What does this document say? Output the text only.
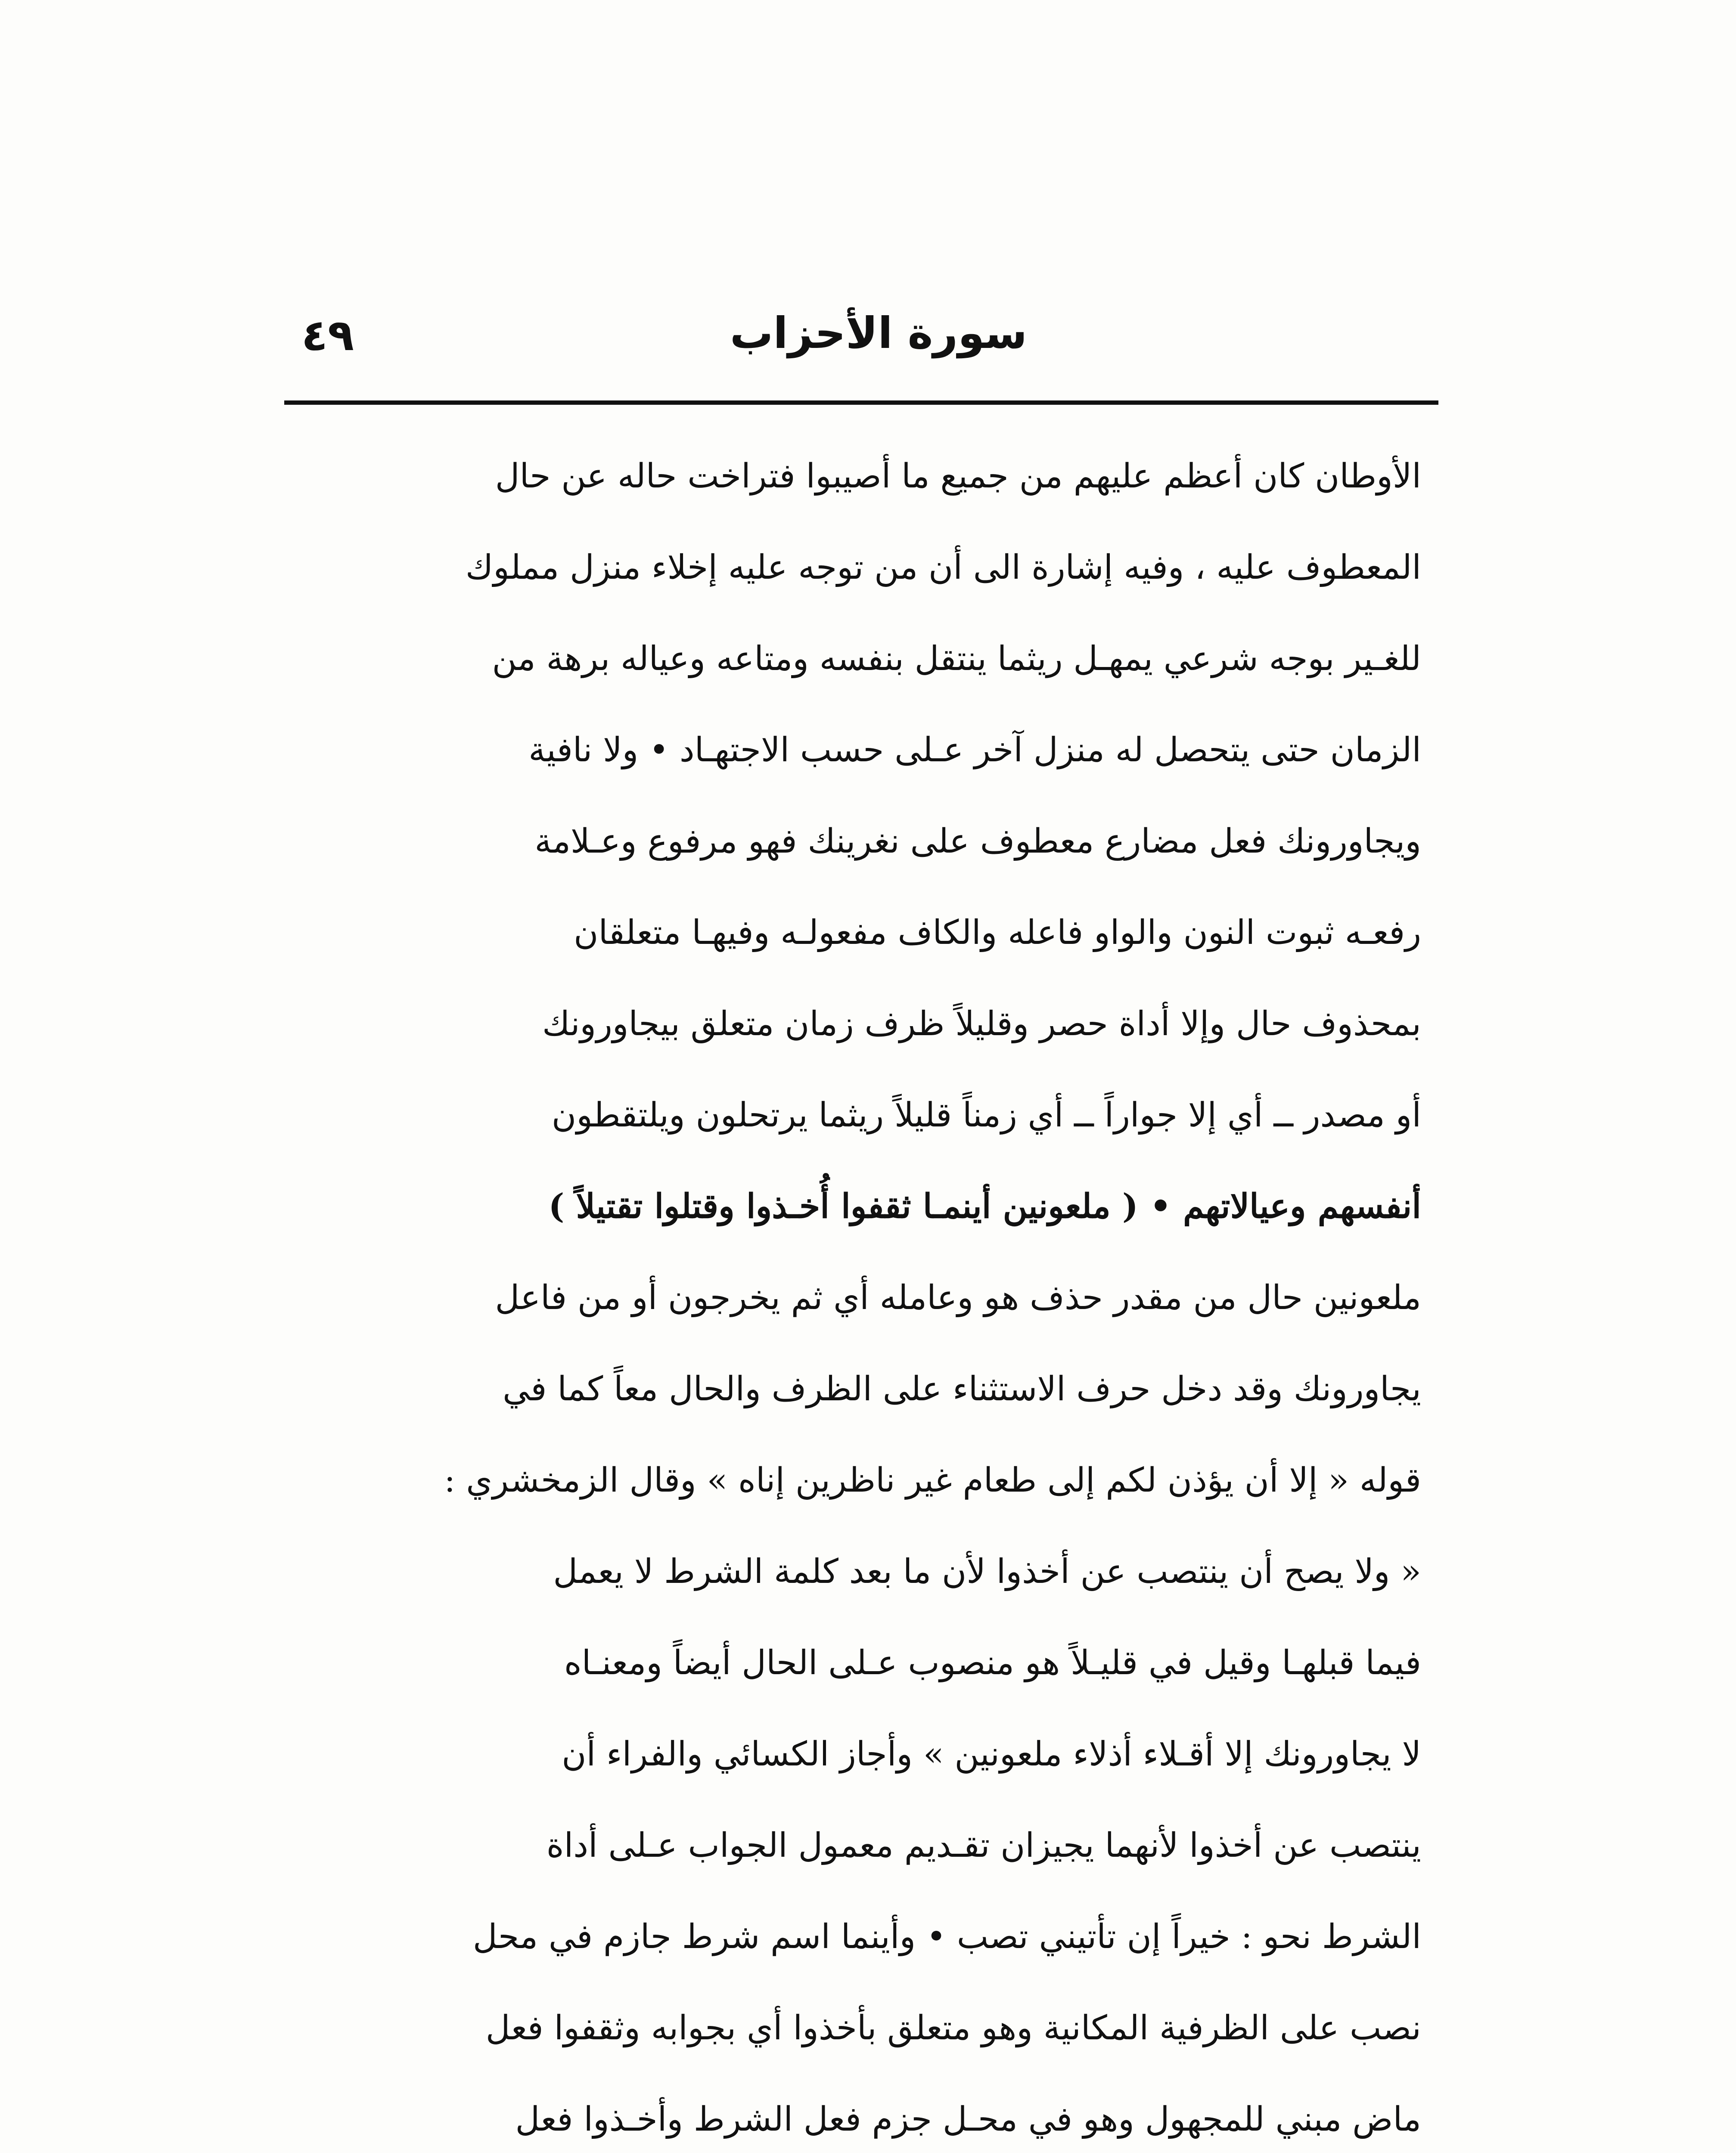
٤٩	سورة الأحزاب
الأوطان كان أعظم عليهم من جميع ما أصيبوا فتراخت حاله عن حال
المعطوف عليه ، وفيه إشارة الى أن من توجه عليه إخلاء منزل مملوك
للغـير بوجه شرعي يمهـل ريثما ينتقل بنفسه ومتاعه وعياله برهة من
الزمان حتى يتحصل له منزل آخر عـلى حسب الاجتهـاد • ولا نافية
ويجاورونك فعل مضارع معطوف على نغرينك فهو مرفوع وعـلامة
رفعـه ثبوت النون والواو فاعله والكاف مفعولـه وفيهـا متعلقان
بمحذوف حال وإلا أداة حصر وقليلاً ظرف زمان متعلق بيجاورونك
أو مصدر ــ أي إلا جواراً ــ أي زمناً قليلاً ريثما يرتحلون ويلتقطون
أنفسهم وعيالاتهم • ( ملعونين أينمـا ثقفوا أُخـذوا وقتلوا تقتيلاً )
ملعونين حال من مقدر حذف هو وعامله أي ثم يخرجون أو من فاعل
يجاورونك وقد دخل حرف الاستثناء على الظرف والحال معاً كما في
قوله « إلا أن يؤذن لكم إلى طعام غير ناظرين إناه » وقال الزمخشري :
« ولا يصح أن ينتصب عن أخذوا لأن ما بعد كلمة الشرط لا يعمل
فيما قبلهـا وقيل في قليـلاً هو منصوب عـلى الحال أيضاً ومعنـاه
لا يجاورونك إلا أقـلاء أذلاء ملعونين » وأجاز الكسائي والفراء أن
ينتصب عن أخذوا لأنهما يجيزان تقـديم معمول الجواب عـلى أداة
الشرط نحو : خيراً إن تأتيني تصب • وأينما اسم شرط جازم في محل
نصب على الظرفية المكانية وهو متعلق بأخذوا أي بجوابه وثقفوا فعل
ماض مبني للمجهول وهو في محـل جزم فعل الشرط وأخـذوا فعل
